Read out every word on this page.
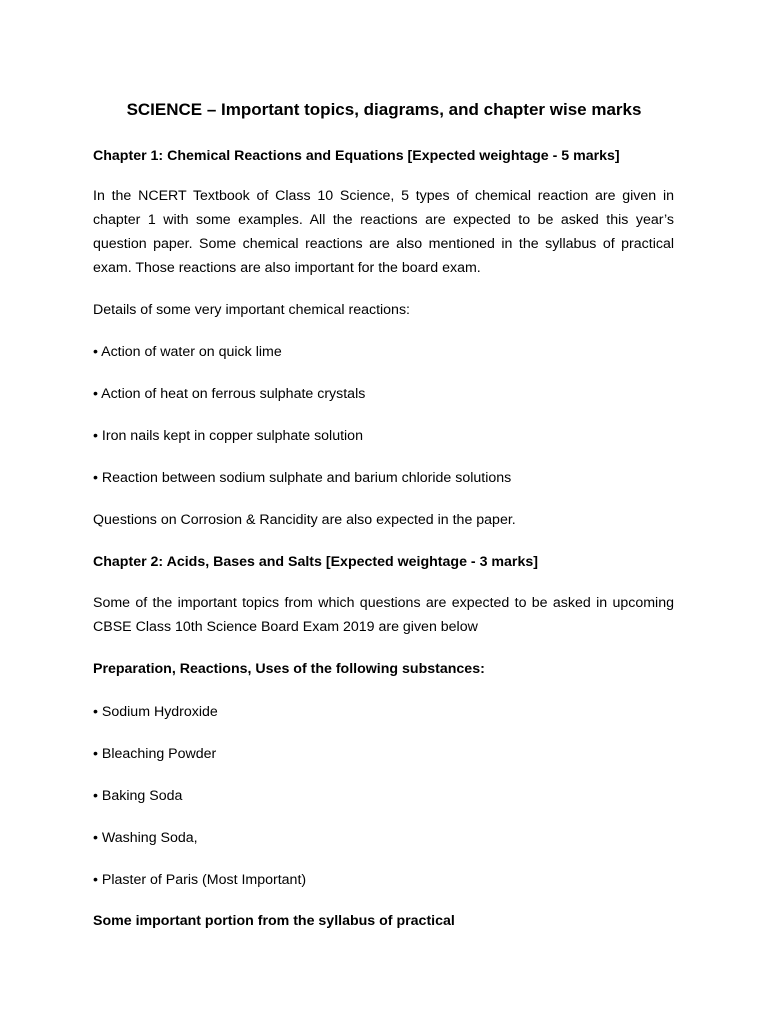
SCIENCE – Important topics, diagrams, and chapter wise marks

Chapter 1: Chemical Reactions and Equations [Expected weightage - 5 marks]

In the NCERT Textbook of Class 10 Science, 5 types of chemical reaction are given in chapter 1 with some examples. All the reactions are expected to be asked this year’s question paper. Some chemical reactions are also mentioned in the syllabus of practical exam. Those reactions are also important for the board exam.

Details of some very important chemical reactions:

• Action of water on quick lime

• Action of heat on ferrous sulphate crystals

• Iron nails kept in copper sulphate solution

• Reaction between sodium sulphate and barium chloride solutions

Questions on Corrosion & Rancidity are also expected in the paper.

Chapter 2: Acids, Bases and Salts [Expected weightage - 3 marks]

Some of the important topics from which questions are expected to be asked in upcoming CBSE Class 10th Science Board Exam 2019 are given below

Preparation, Reactions, Uses of the following substances:

• Sodium Hydroxide

• Bleaching Powder

• Baking Soda

• Washing Soda,

• Plaster of Paris (Most Important)

Some important portion from the syllabus of practical
